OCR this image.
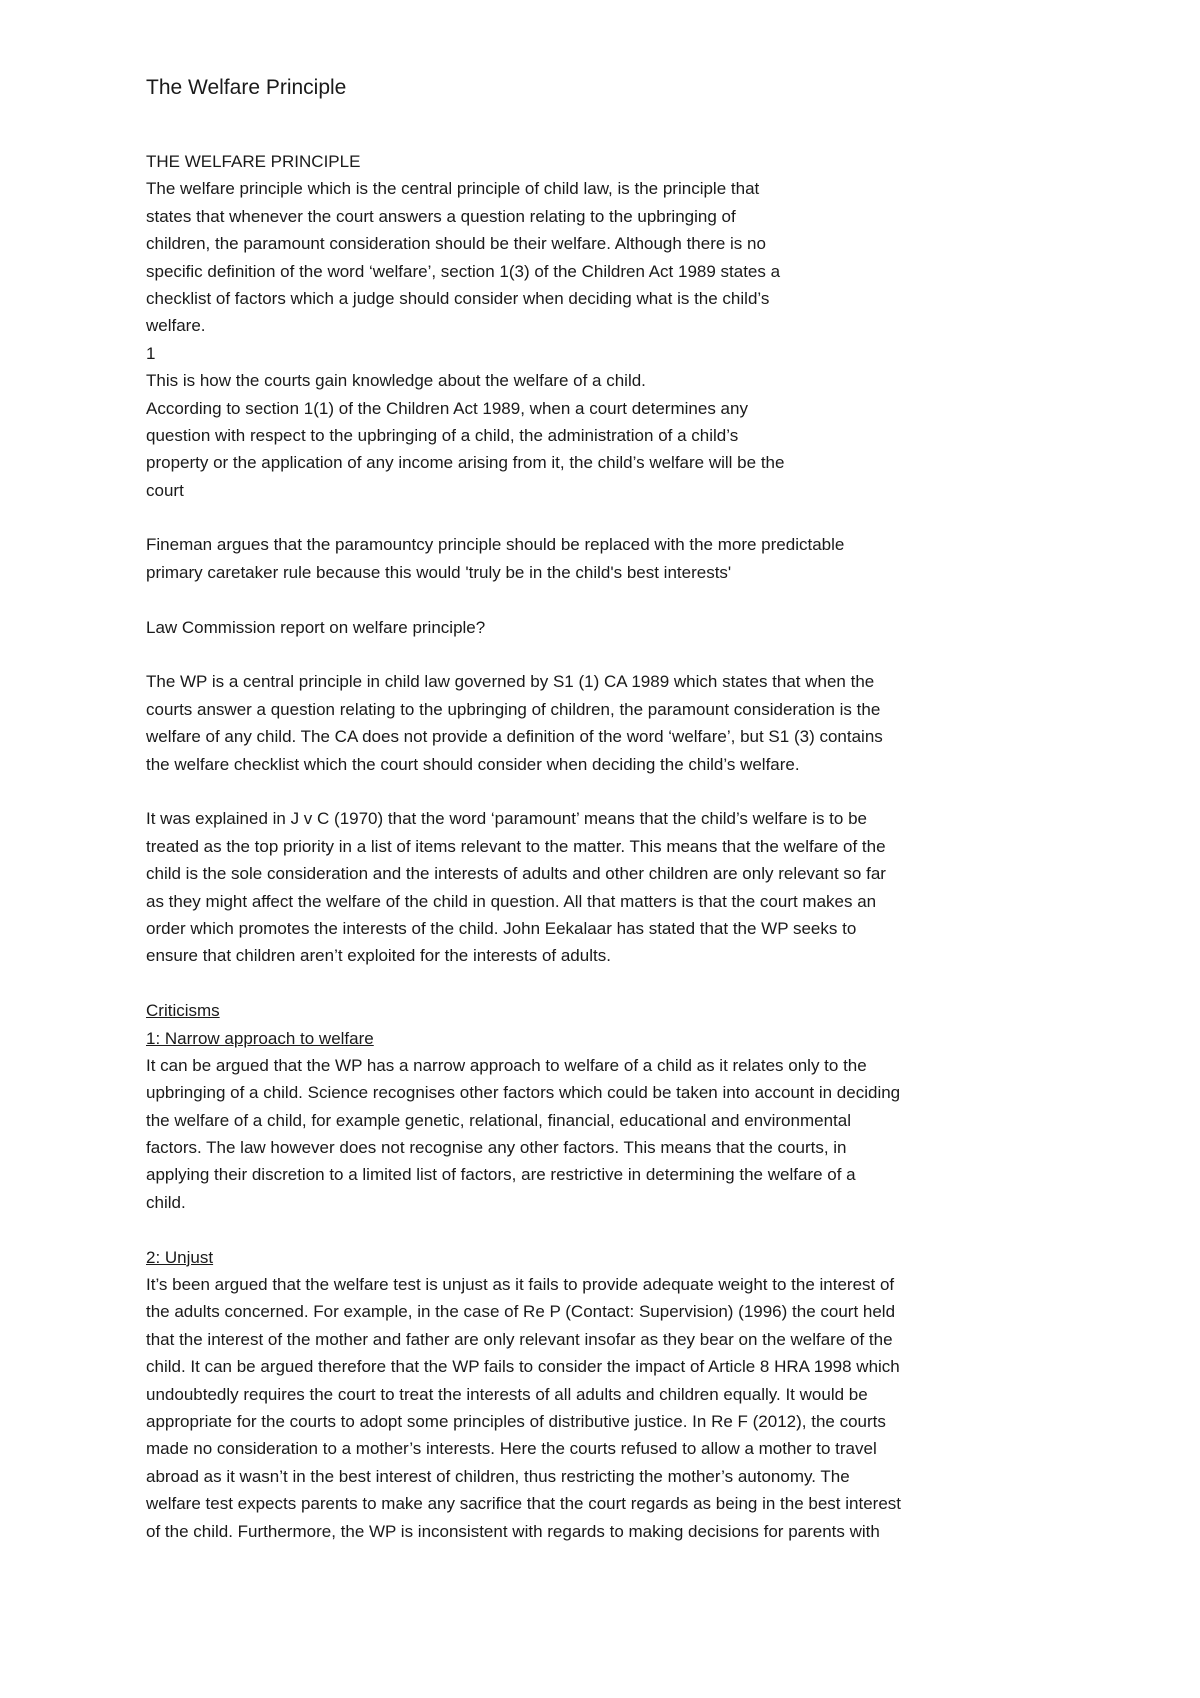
The Welfare Principle
THE WELFARE PRINCIPLE
The welfare principle which is the central principle of child law, is the principle that
states that whenever the court answers a question relating to the upbringing of
children, the paramount consideration should be their welfare. Although there is no
specific definition of the word ‘welfare’, section 1(3) of the Children Act 1989 states a
checklist of factors which a judge should consider when deciding what is the child’s
welfare.
1
This is how the courts gain knowledge about the welfare of a child.
According to section 1(1) of the Children Act 1989, when a court determines any
question with respect to the upbringing of a child, the administration of a child’s
property or the application of any income arising from it, the child’s welfare will be the
court
Fineman argues that the paramountcy principle should be replaced with the more predictable
primary caretaker rule because this would 'truly be in the child's best interests'
Law Commission report on welfare principle?
The WP is a central principle in child law governed by S1 (1) CA 1989 which states that when the
courts answer a question relating to the upbringing of children, the paramount consideration is the
welfare of any child. The CA does not provide a definition of the word ‘welfare’, but S1 (3) contains
the welfare checklist which the court should consider when deciding the child’s welfare.
It was explained in J v C (1970) that the word ‘paramount’ means that the child’s welfare is to be
treated as the top priority in a list of items relevant to the matter. This means that the welfare of the
child is the sole consideration and the interests of adults and other children are only relevant so far
as they might affect the welfare of the child in question. All that matters is that the court makes an
order which promotes the interests of the child. John Eekalaar has stated that the WP seeks to
ensure that children aren’t exploited for the interests of adults.
Criticisms
1: Narrow approach to welfare
It can be argued that the WP has a narrow approach to welfare of a child as it relates only to the
upbringing of a child. Science recognises other factors which could be taken into account in deciding
the welfare of a child, for example genetic, relational, financial, educational and environmental
factors. The law however does not recognise any other factors. This means that the courts, in
applying their discretion to a limited list of factors, are restrictive in determining the welfare of a
child.
2: Unjust
It’s been argued that the welfare test is unjust as it fails to provide adequate weight to the interest of
the adults concerned. For example, in the case of Re P (Contact: Supervision) (1996) the court held
that the interest of the mother and father are only relevant insofar as they bear on the welfare of the
child. It can be argued therefore that the WP fails to consider the impact of Article 8 HRA 1998 which
undoubtedly requires the court to treat the interests of all adults and children equally. It would be
appropriate for the courts to adopt some principles of distributive justice. In Re F (2012), the courts
made no consideration to a mother’s interests. Here the courts refused to allow a mother to travel
abroad as it wasn’t in the best interest of children, thus restricting the mother’s autonomy. The
welfare test expects parents to make any sacrifice that the court regards as being in the best interest
of the child. Furthermore, the WP is inconsistent with regards to making decisions for parents with
